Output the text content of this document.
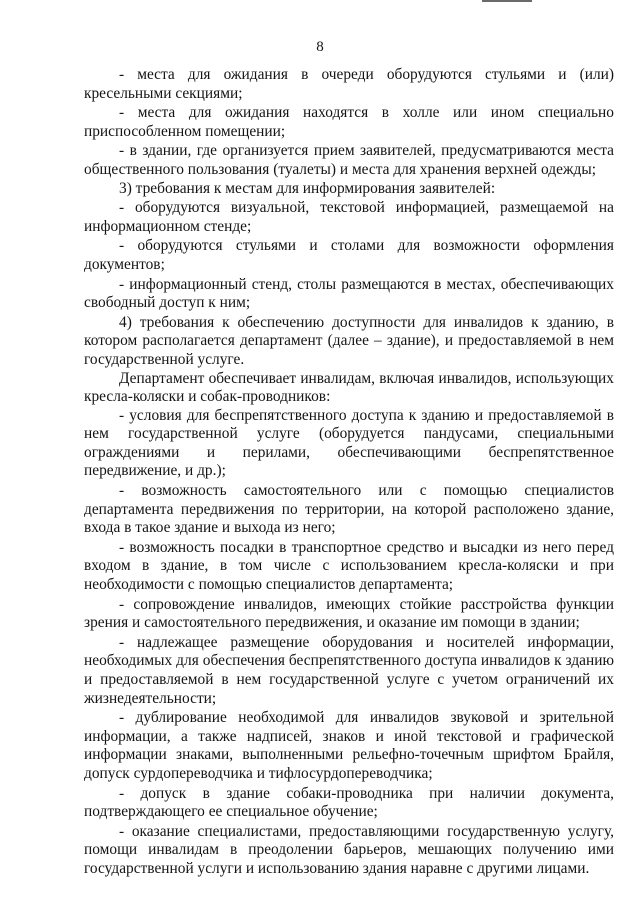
8

- места для ожидания в очереди оборудуются стульями и (или) кресельными секциями;

- места для ожидания находятся в холле или ином специально приспособленном помещении;

- в здании, где организуется прием заявителей, предусматриваются места общественного пользования (туалеты) и места для хранения верхней одежды;

3) требования к местам для информирования заявителей:

- оборудуются визуальной, текстовой информацией, размещаемой на информационном стенде;

- оборудуются стульями и столами для возможности оформления документов;

- информационный стенд, столы размещаются в местах, обеспечивающих свободный доступ к ним;

4) требования к обеспечению доступности для инвалидов к зданию, в котором располагается департамент (далее – здание), и предоставляемой в нем государственной услуге.

Департамент обеспечивает инвалидам, включая инвалидов, использующих кресла-коляски и собак-проводников:

- условия для беспрепятственного доступа к зданию и предоставляемой в нем государственной услуге (оборудуется пандусами, специальными ограждениями и перилами, обеспечивающими беспрепятственное передвижение, и др.);

- возможность самостоятельного или с помощью специалистов департамента передвижения по территории, на которой расположено здание, входа в такое здание и выхода из него;

- возможность посадки в транспортное средство и высадки из него перед входом в здание, в том числе с использованием кресла-коляски и при необходимости с помощью специалистов департамента;

- сопровождение инвалидов, имеющих стойкие расстройства функции зрения и самостоятельного передвижения, и оказание им помощи в здании;

- надлежащее размещение оборудования и носителей информации, необходимых для обеспечения беспрепятственного доступа инвалидов к зданию и предоставляемой в нем государственной услуге с учетом ограничений их жизнедеятельности;

- дублирование необходимой для инвалидов звуковой и зрительной информации, а также надписей, знаков и иной текстовой и графической информации знаками, выполненными рельефно-точечным шрифтом Брайля, допуск сурдопереводчика и тифлосурдопереводчика;

- допуск в здание собаки-проводника при наличии документа, подтверждающего ее специальное обучение;

- оказание специалистами, предоставляющими государственную услугу, помощи инвалидам в преодолении барьеров, мешающих получению ими государственной услуги и использованию здания наравне с другими лицами.
